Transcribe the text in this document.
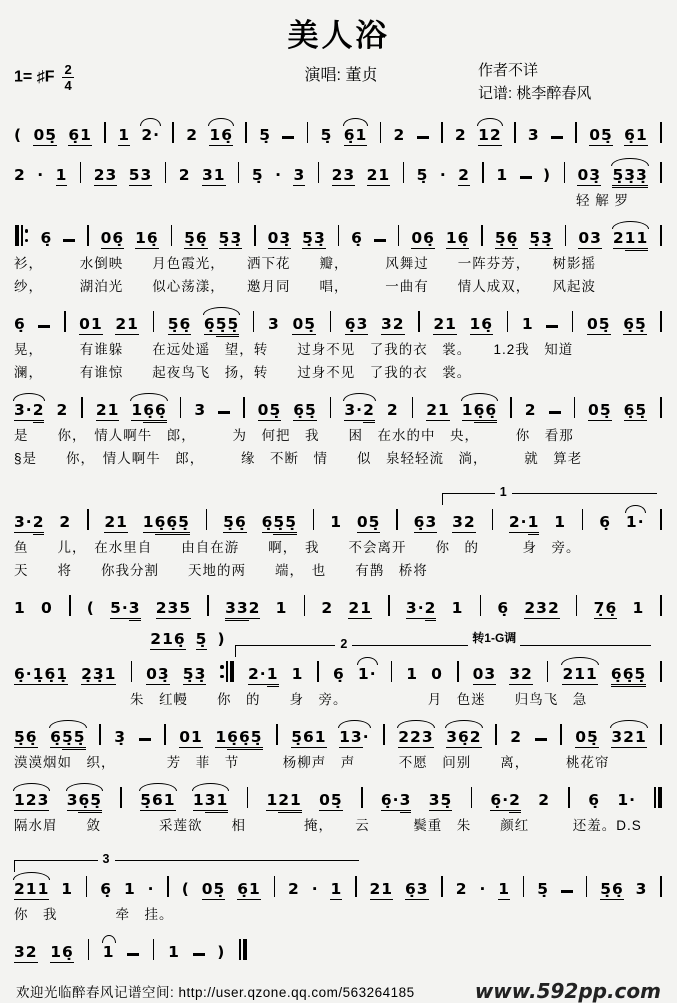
美人浴
1= ♯F $\frac{2}{4}$	演唱: 董贞	作者不详
记谱: 桃李醉春风
( 05̣ 6̣1 1 2· 2 16̣ 5̣	5̣ 6̣1 2	2 12 3	05̣ 6̣1
2 · 1 23 53 2 31 5̣ · 3 23 21 5̣ · 2 1 ) 03̣ 5̣3̣3̣
轻 解 罗
6̣	06̣ 16̣ 5̣6̣ 5̣3̣ 03̣ 5̣3̣ 6̣	06̣ 16̣ 5̣6̣ 5̣3̣ 03 211
衫，　　　水倒映　　月色霞光，　　洒下花　　瓣，　　　风舞过　　一阵芬芳，　　树影摇
纱，　　　湖泊光　　似心荡漾，　　邀月同　　唱，　　　一曲有　　情人成双，　　风起波
6̣	01 21 5̣6̣ 6̣5̣5̣ 3 05̣ 6̣3 32 21 16̣ 1	05̣ 6̣5̣
晃，　　　有谁躲　　在远处遥　望，转　　过身不见　了我的衣　裳。　　1.2我　知道
澜，　　　有谁惊　　起夜鸟飞　扬，转　　过身不见　了我的衣　裳。
3·2 2 21 16̣6̣ 3	05̣ 6̣5̣ 3·2 2 21 16̣6̣ 2	05̣ 6̣5̣
是　　你，　情人啊牛　郎，　　　为　何把　我　　困　在水的中　央，　　　你　看那
§是　　你，　情人啊牛　郎，　　　缘　不断　情　　似　泉轻轻流　淌，　　　就　算老
1
3·2 2 21 16̣6̣5̣ 5̣6̣ 6̣5̣5̣ 1 05̣ 6̣3 32 2·1 1 6̣ 1·
鱼　　儿，　在水里自　　由自在游　　啊，　我　　不会离开　　你　的　　　身　旁。
天　　将　　你我分割　　天地的两　　端，　也　　有鹊　桥将
1 0 ( 5·3 235 332 1 2 21 3·2 1 6̣ 232 7̣6̣ 1
2
216̣ 5̣ )	转1-G调
6̣·1̣6̣1̣ 2̣3̣1 03̣ 5̣3̣	2·1 1 6̣ 1· 1 0 03 32 211 6̣6̣5̣
　　　　　　　　朱　红幔　　你　的　　身　旁。　　　　　　月　色迷　　归鸟飞　急
5̣6̣ 6̣5̣5̣ 3̣	01 16̣6̣5̣ 5̣61 13· 223 36̣2 2	05̣ 321
漠漠烟如　织，　　　　芳　菲　节　　　杨柳声　声　　　不愿　问别　　离，　　　桃花帘
123 36̣5̣ 5̣61 131 121 05̣ 6̣·3 35̣ 6̣·2 2 6̣ 1·
隔水眉　　敛　　　　采莲欲　　相　　　　掩，　　云　　　鬓重　朱　　颜红　　　还羞。D.S
3
211 1 6̣ 1 · ( 05̣ 6̣1 2 · 1 21 6̣3 2 · 1 5̣	5̣6̣ 3
你　我　　　　牵　挂。
32 16̣ 1	1 )
欢迎光临醉春风记谱空间: http://user.qzone.qq.com/563264185	www.592pp.com
